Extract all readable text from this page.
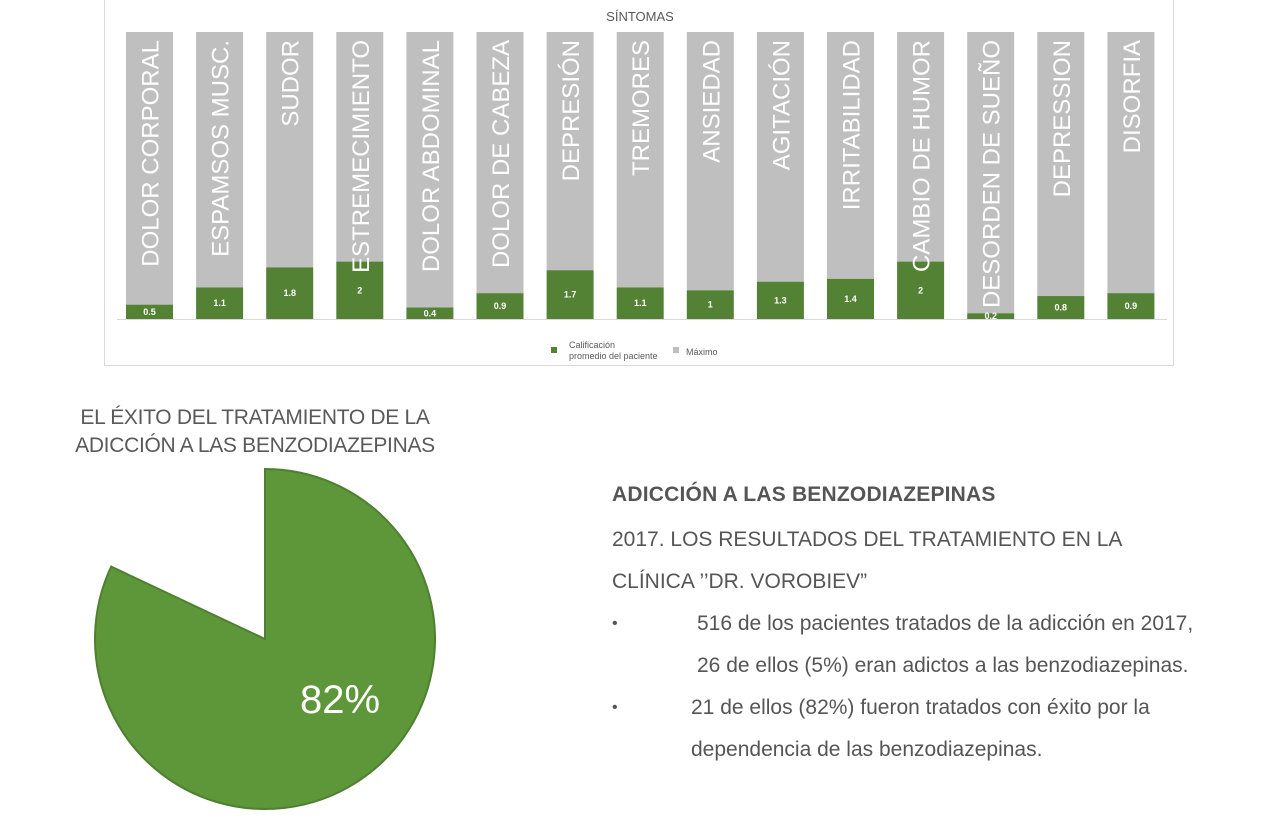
SÍNTOMAS
0.5
DOLOR CORPORAL
1.1
ESPAMSOS MUSC.
1.8
SUDOR
2
ESTREMECIMIENTO
0.4
DOLOR ABDOMINAL
0.9
DOLOR DE CABEZA
1.7
DEPRESIÓN
1.1
TREMORES
1
ANSIEDAD
1.3
AGITACIÓN
1.4
IRRITABILIDAD
2
CAMBIO DE HUMOR
0.2
DESORDEN DE SUEÑO	0.8
DEPRESSION
0.9
DISORFIA
Calificación
promedio del paciente	Máximo
EL ÉXITO DEL TRATAMIENTO DE LA
ADICCIÓN A LAS BENZODIAZEPINAS
82%
ADICCIÓN A LAS BENZODIAZEPINAS
2017. LOS RESULTADOS DEL TRATAMIENTO EN LA
CLÍNICA ’’DR. VOROBIEV”
•	516 de los pacientes tratados de la adicción en 2017,
26 de ellos (5%) eran adictos a las benzodiazepinas.
•	21 de ellos (82%) fueron tratados con éxito por la
dependencia de las benzodiazepinas.
